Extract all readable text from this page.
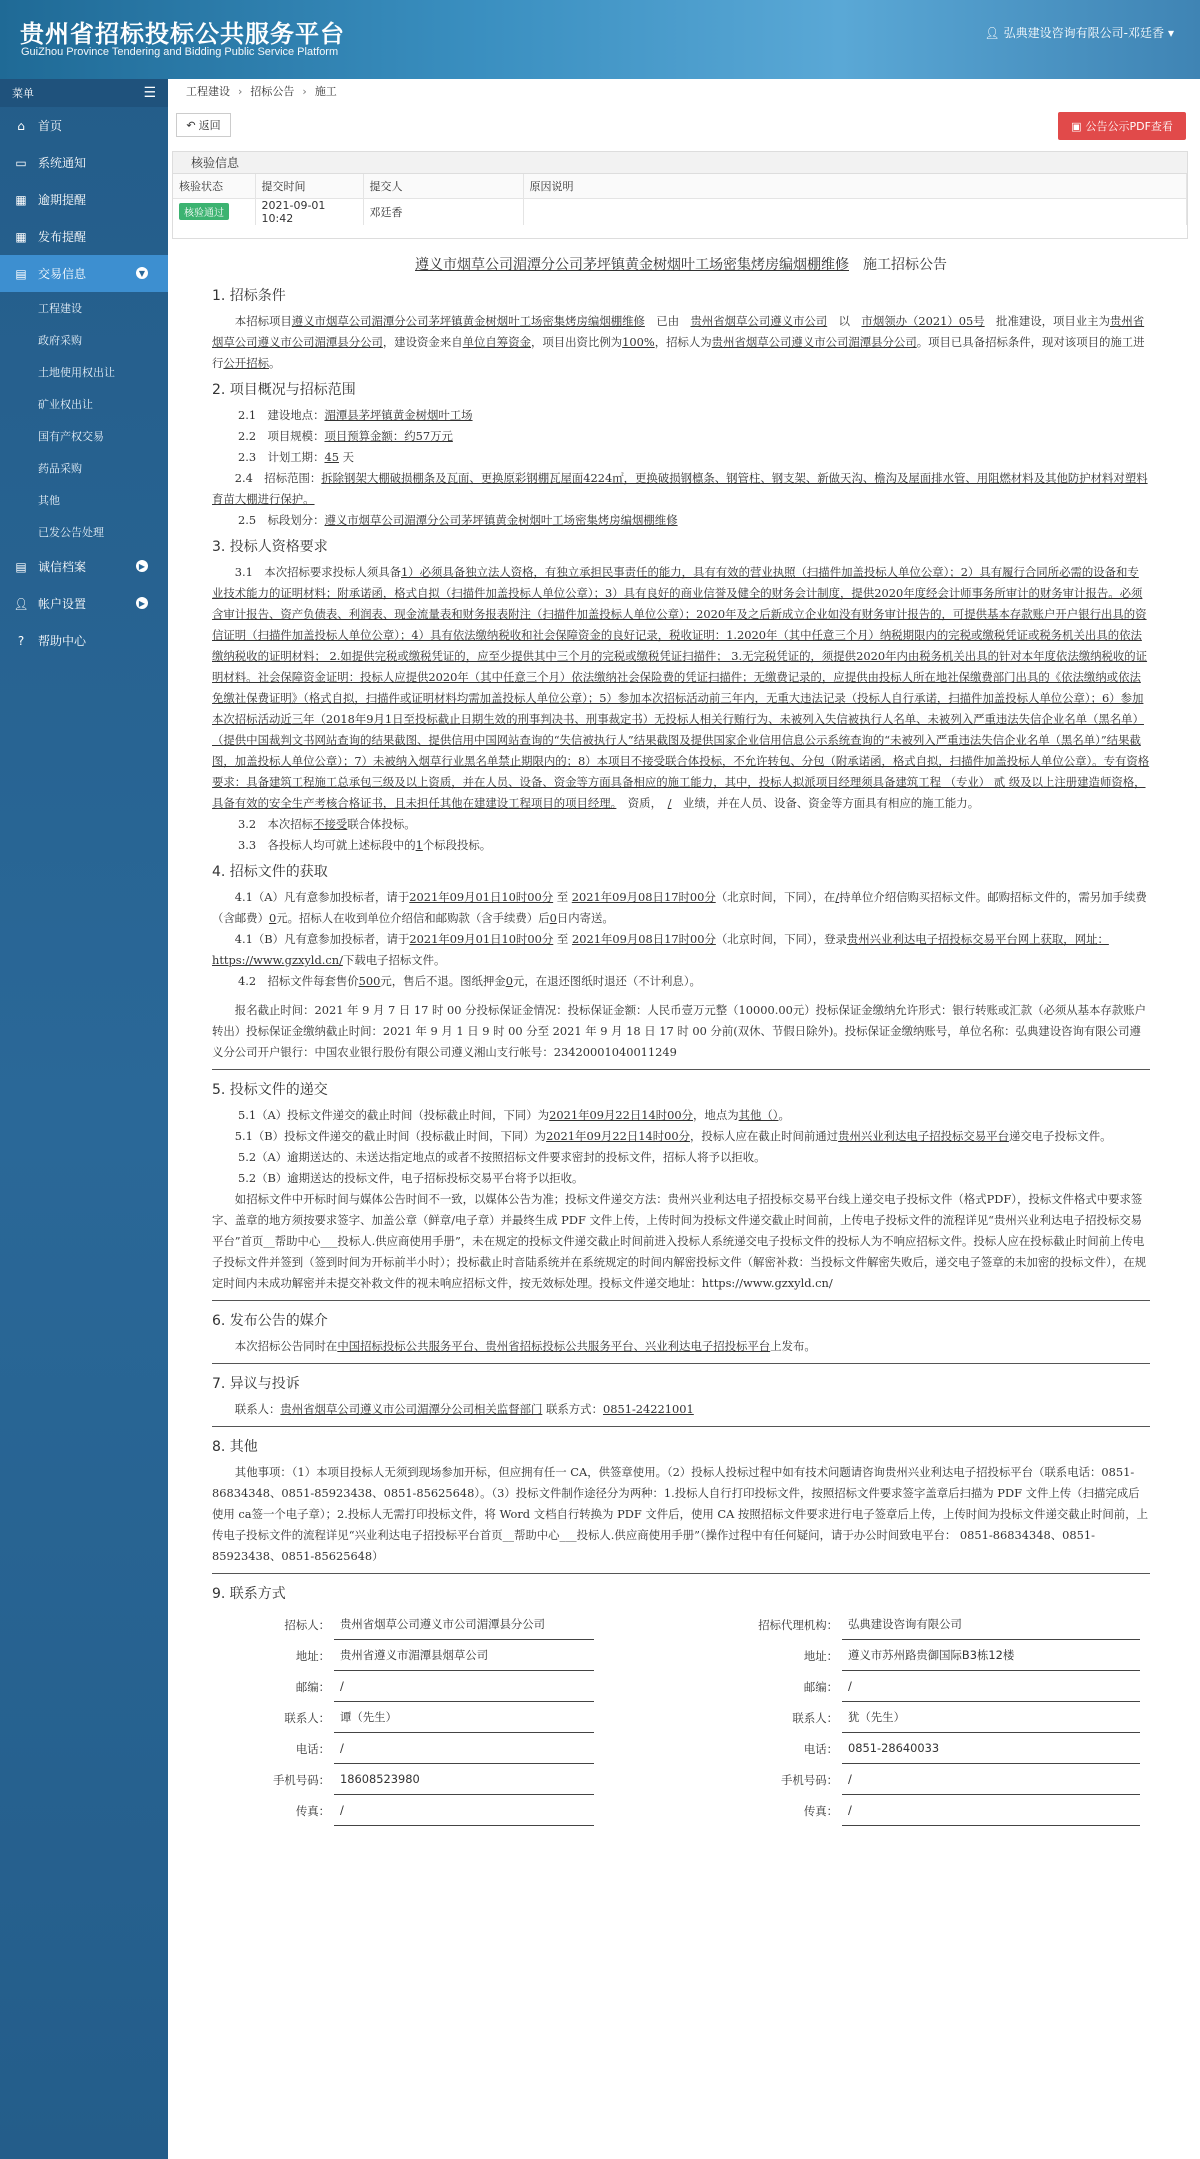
贵州省招标投标公共服务平台
GuiZhou Province Tendering and Bidding Public Service Platform
👤︎ 弘典建设咨询有限公司-邓廷香 ▾
菜单	☰
⌂	首页
▭ 系统通知
▦ 逾期提醒
▦ 发布提醒
▤ 交易信息	▼
工程建设
政府采购
土地使用权出让
矿业权出让
国有产权交易
药品采购
其他
已发公告处理
▤ 诚信档案	▶
👤︎ 帐户设置	▶
?	帮助中心
工程建设 › 招标公告 › 施工
↶ 返回	▣ 公告公示PDF查看
核验信息
核验状态	提交时间	提交人	原因说明
核验通过	2021-09-01 10:42	邓廷香	
遵义市烟草公司湄潭分公司茅坪镇黄金树烟叶工场密集烤房编烟棚维修　 施工招标公告
1. 招标条件

本招标项目遵义市烟草公司湄潭分公司茅坪镇黄金树烟叶工场密集烤房编烟棚维修　 已由　 贵州省烟草公司遵义市公司　 以　 市烟领办（2021）05号　 批准建设，项目业主为贵州省烟草公司遵义市公司湄潭县分公司，建设资金来自单位自筹资金，项目出资比例为100%，招标人为贵州省烟草公司遵义市公司湄潭县分公司。项目已具备招标条件，现对该项目的施工进行公开招标。

2. 项目概况与招标范围

2.1　建设地点：湄潭县茅坪镇黄金树烟叶工场

2.2　项目规模：项目预算金额：约57万元

2.3　计划工期：45 天

2.4　招标范围：拆除钢架大棚破损棚条及瓦面、更换原彩钢棚瓦屋面4224㎡，更换破损钢檩条、钢管柱、钢支架、新做天沟、檐沟及屋面排水管、用阻燃材料及其他防护材料对塑料育苗大棚进行保护。

2.5　标段划分：遵义市烟草公司湄潭分公司茅坪镇黄金树烟叶工场密集烤房编烟棚维修

3. 投标人资格要求

3.1　本次招标要求投标人须具备1）必须具备独立法人资格，有独立承担民事责任的能力，具有有效的营业执照（扫描件加盖投标人单位公章）；2）具有履行合同所必需的设备和专业技术能力的证明材料；附承诺函，格式自拟（扫描件加盖投标人单位公章）；3）具有良好的商业信誉及健全的财务会计制度，提供2020年度经会计师事务所审计的财务审计报告。必须含审计报告、资产负债表、利润表、现金流量表和财务报表附注（扫描件加盖投标人单位公章）；2020年及之后新成立企业如没有财务审计报告的，可提供基本存款账户开户银行出具的资信证明（扫描件加盖投标人单位公章）；4）具有依法缴纳税收和社会保障资金的良好记录，税收证明：1.2020年（其中任意三个月）纳税期限内的完税或缴税凭证或税务机关出具的依法缴纳税收的证明材料； 2.如提供完税或缴税凭证的，应至少提供其中三个月的完税或缴税凭证扫描件； 3.无完税凭证的，须提供2020年内由税务机关出具的针对本年度依法缴纳税收的证明材料。社会保障资金证明：投标人应提供2020年（其中任意三个月）依法缴纳社会保险费的凭证扫描件；无缴费记录的，应提供由投标人所在地社保缴费部门出具的《依法缴纳或依法免缴社保费证明》（格式自拟，扫描件或证明材料均需加盖投标人单位公章）；5）参加本次招标活动前三年内，无重大违法记录（投标人自行承诺，扫描件加盖投标人单位公章）；6）参加本次招标活动近三年（2018年9月1日至投标截止日期生效的刑事判决书、刑事裁定书）无投标人相关行贿行为、未被列入失信被执行人名单、未被列入严重违法失信企业名单（黑名单）（提供中国裁判文书网站查询的结果截图、提供信用中国网站查询的“失信被执行人”结果截图及提供国家企业信用信息公示系统查询的“未被列入严重违法失信企业名单（黑名单）”结果截图，加盖投标人单位公章）；7）未被纳入烟草行业黑名单禁止期限内的；8）本项目不接受联合体投标，不允许转包、分包（附承诺函，格式自拟，扫描件加盖投标人单位公章）。专有资格要求：具备建筑工程施工总承包三级及以上资质，并在人员、设备、资金等方面具备相应的施工能力，其中，投标人拟派项目经理须具备建筑工程 （专业） 贰 级及以上注册建造师资格，具备有效的安全生产考核合格证书，且未担任其他在建建设工程项目的项目经理。　 资质，　 /　 业绩，并在人员、设备、资金等方面具有相应的施工能力。

3.2　本次招标不接受联合体投标。

3.3　各投标人均可就上述标段中的1个标段投标。

4. 招标文件的获取

4.1（A）凡有意参加投标者，请于2021年09月01日10时00分 至 2021年09月08日17时00分（北京时间，下同），在/持单位介绍信购买招标文件。邮购招标文件的，需另加手续费（含邮费）0元。招标人在收到单位介绍信和邮购款（含手续费）后0日内寄送。

4.1（B）凡有意参加投标者，请于2021年09月01日10时00分 至 2021年09月08日17时00分（北京时间，下同），登录贵州兴业利达电子招投标交易平台网上获取，网址：https://www.gzxyld.cn/下载电子招标文件。

4.2　招标文件每套售价500元，售后不退。图纸押金0元，在退还图纸时退还（不计利息）。

报名截止时间：2021 年 9 月 7 日 17 时 00 分投标保证金情况：投标保证金额：人民币壹万元整（10000.00元）投标保证金缴纳允许形式：银行转账或汇款（必须从基本存款账户转出）投标保证金缴纳截止时间：2021 年 9 月 1 日 9 时 00 分至 2021 年 9 月 18 日 17 时 00 分前(双休、节假日除外)。投标保证金缴纳账号，单位名称：弘典建设咨询有限公司遵义分公司开户银行：中国农业银行股份有限公司遵义湘山支行帐号：23420001040011249

5. 投标文件的递交

5.1（A）投标文件递交的截止时间（投标截止时间，下同）为2021年09月22日14时00分，地点为其他（）。

5.1（B）投标文件递交的截止时间（投标截止时间，下同）为2021年09月22日14时00分，投标人应在截止时间前通过贵州兴业利达电子招投标交易平台递交电子投标文件。

5.2（A）逾期送达的、未送达指定地点的或者不按照招标文件要求密封的投标文件，招标人将予以拒收。

5.2（B）逾期送达的投标文件，电子招标投标交易平台将予以拒收。

如招标文件中开标时间与媒体公告时间不一致，以媒体公告为准；投标文件递交方法：贵州兴业利达电子招投标交易平台线上递交电子投标文件（格式PDF），投标文件格式中要求签字、盖章的地方须按要求签字、加盖公章（鲜章/电子章）并最终生成 PDF 文件上传，上传时间为投标文件递交截止时间前，上传电子投标文件的流程详见“贵州兴业利达电子招投标交易平台”首页__帮助中心___投标人.供应商使用手册”，未在规定的投标文件递交截止时间前进入投标人系统递交电子投标文件的投标人为不响应招标文件。投标人应在投标截止时间前上传电子投标文件并签到（签到时间为开标前半小时）；投标截止时音陆系统并在系统规定的时间内解密投标文件（解密补救：当投标文件解密失败后，递交电子签章的未加密的投标文件），在规定时间内未成功解密并未提交补救文件的视未响应招标文件，按无效标处理。投标文件递交地址：https://www.gzxyld.cn/

6. 发布公告的媒介

本次招标公告同时在中国招标投标公共服务平台、贵州省招标投标公共服务平台、兴业利达电子招投标平台上发布。

7. 异议与投诉

联系人：贵州省烟草公司遵义市公司湄潭分公司相关监督部门 联系方式：0851-24221001

8. 其他

其他事项：（1）本项目投标人无须到现场参加开标，但应拥有任一 CA，供签章使用。（2）投标人投标过程中如有技术问题请咨询贵州兴业利达电子招投标平台（联系电话：0851-86834348、0851-85923438、0851-85625648）。（3）投标文件制作途径分为两种：1.投标人自行打印投标文件，按照招标文件要求签字盖章后扫描为 PDF 文件上传（扫描完成后使用 ca签一个电子章）；2.投标人无需打印投标文件，将 Word 文档自行转换为 PDF 文件后，使用 CA 按照招标文件要求进行电子签章后上传，上传时间为投标文件递交截止时间前，上传电子投标文件的流程详见“兴业利达电子招投标平台首页__帮助中心___投标人.供应商使用手册”（操作过程中有任何疑问，请于办公时间致电平台： 0851-86834348、0851-85923438、0851-85625648）

9. 联系方式
招标人： 贵州省烟草公司遵义市公司湄潭县分公司
地址： 贵州省遵义市湄潭县烟草公司
邮编： /
联系人： 谭（先生）
电话： /
手机号码： 18608523980
传真： /
招标代理机构： 弘典建设咨询有限公司
地址： 遵义市苏州路贵御国际B3栋12楼
邮编： /
联系人： 犹（先生）
电话： 0851-28640033
手机号码： /
传真： /
